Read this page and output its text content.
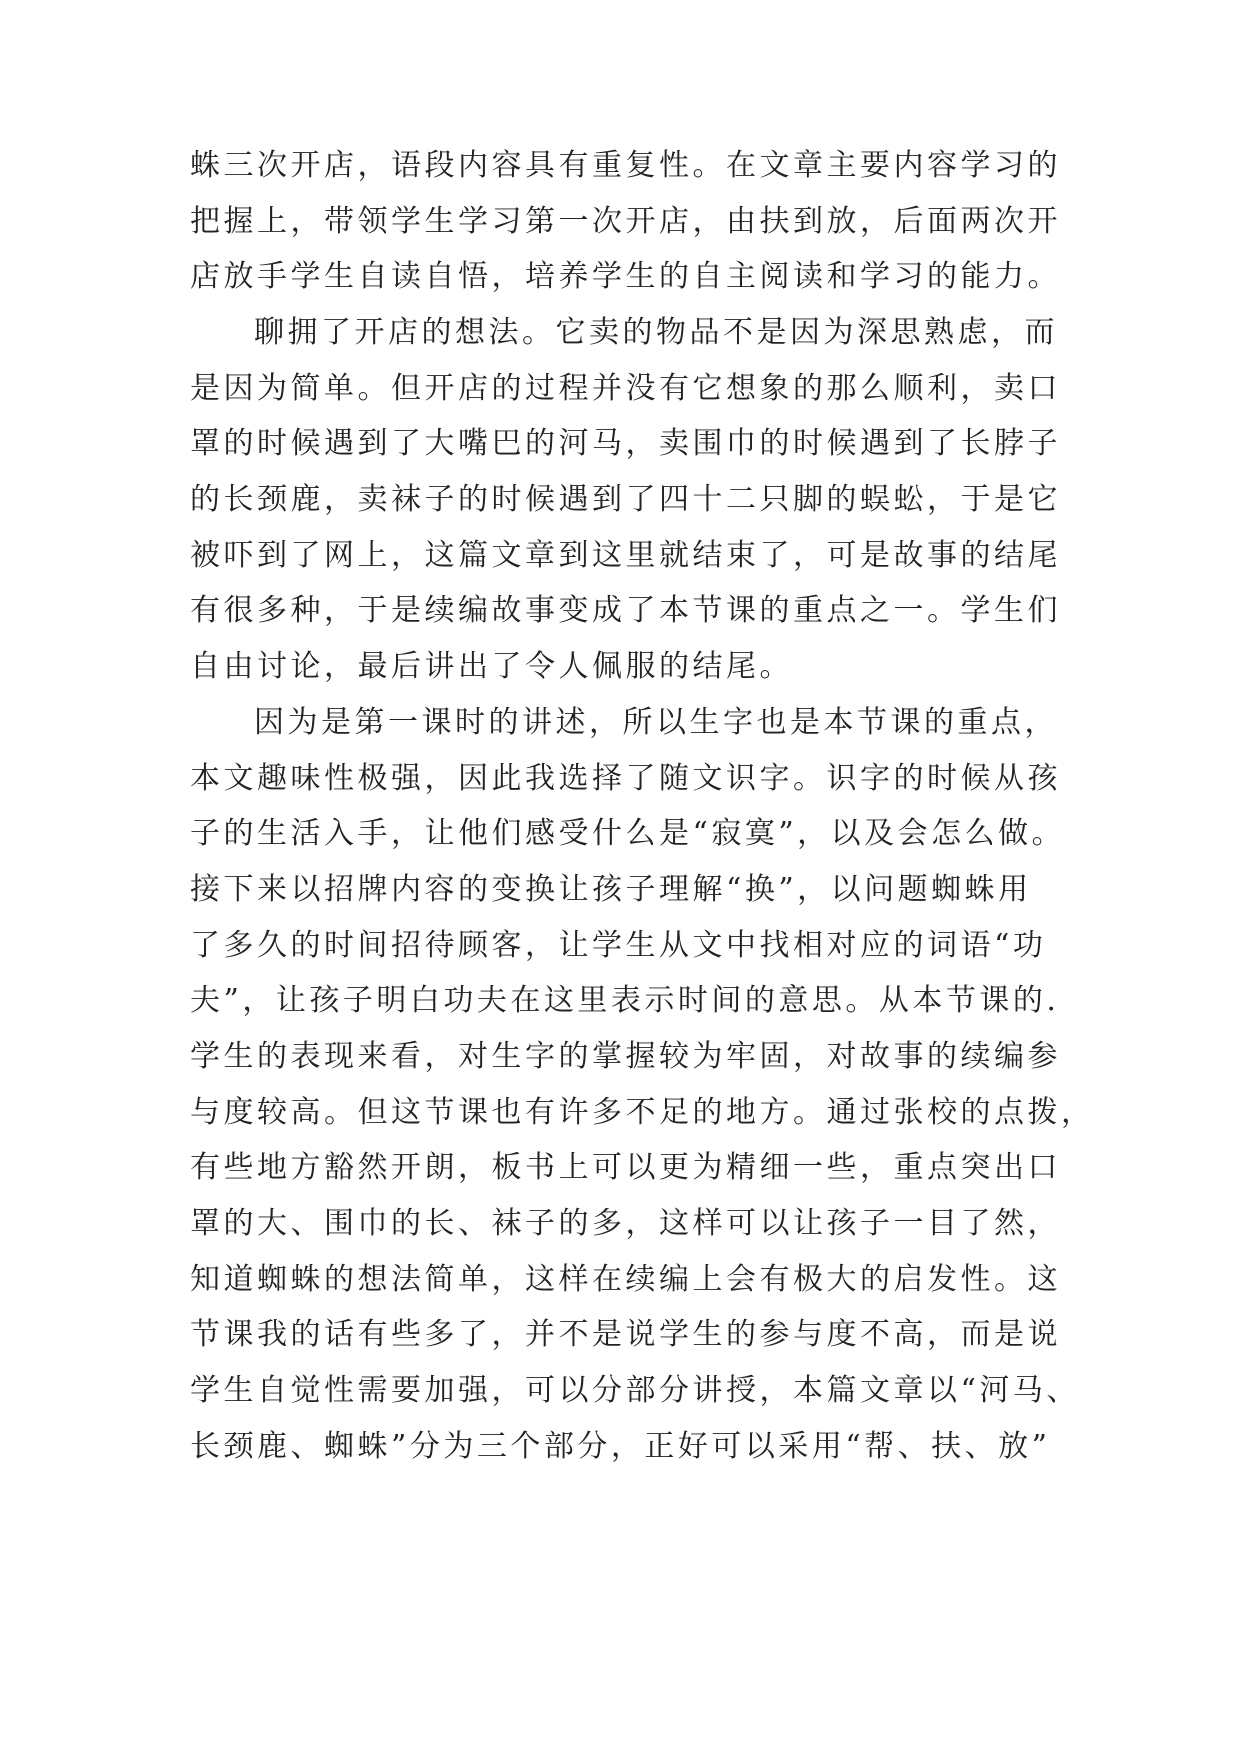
蛛三次开店，语段内容具有重复性。在文章主要内容学习的
把握上，带领学生学习第一次开店，由扶到放，后面两次开
店放手学生自读自悟，培养学生的自主阅读和学习的能力。
聊拥了开店的想法。它卖的物品不是因为深思熟虑，而
是因为简单。但开店的过程并没有它想象的那么顺利，卖口
罩的时候遇到了大嘴巴的河马，卖围巾的时候遇到了长脖子
的长颈鹿，卖袜子的时候遇到了四十二只脚的蜈蚣，于是它
被吓到了网上，这篇文章到这里就结束了，可是故事的结尾
有很多种，于是续编故事变成了本节课的重点之一。学生们
自由讨论，最后讲出了令人佩服的结尾。
因为是第一课时的讲述，所以生字也是本节课的重点，
本文趣味性极强，因此我选择了随文识字。识字的时候从孩
子的生活入手，让他们感受什么是“寂寞”，以及会怎么做。
接下来以招牌内容的变换让孩子理解“换”，以问题蜘蛛用
了多久的时间招待顾客，让学生从文中找相对应的词语“功
夫”，让孩子明白功夫在这里表示时间的意思。从本节课的.
学生的表现来看，对生字的掌握较为牢固，对故事的续编参
与度较高。但这节课也有许多不足的地方。通过张校的点拨，
有些地方豁然开朗，板书上可以更为精细一些，重点突出口
罩的大、围巾的长、袜子的多，这样可以让孩子一目了然，
知道蜘蛛的想法简单，这样在续编上会有极大的启发性。这
节课我的话有些多了，并不是说学生的参与度不高，而是说
学生自觉性需要加强，可以分部分讲授，本篇文章以“河马、
长颈鹿、蜘蛛”分为三个部分，正好可以采用“帮、扶、放”
